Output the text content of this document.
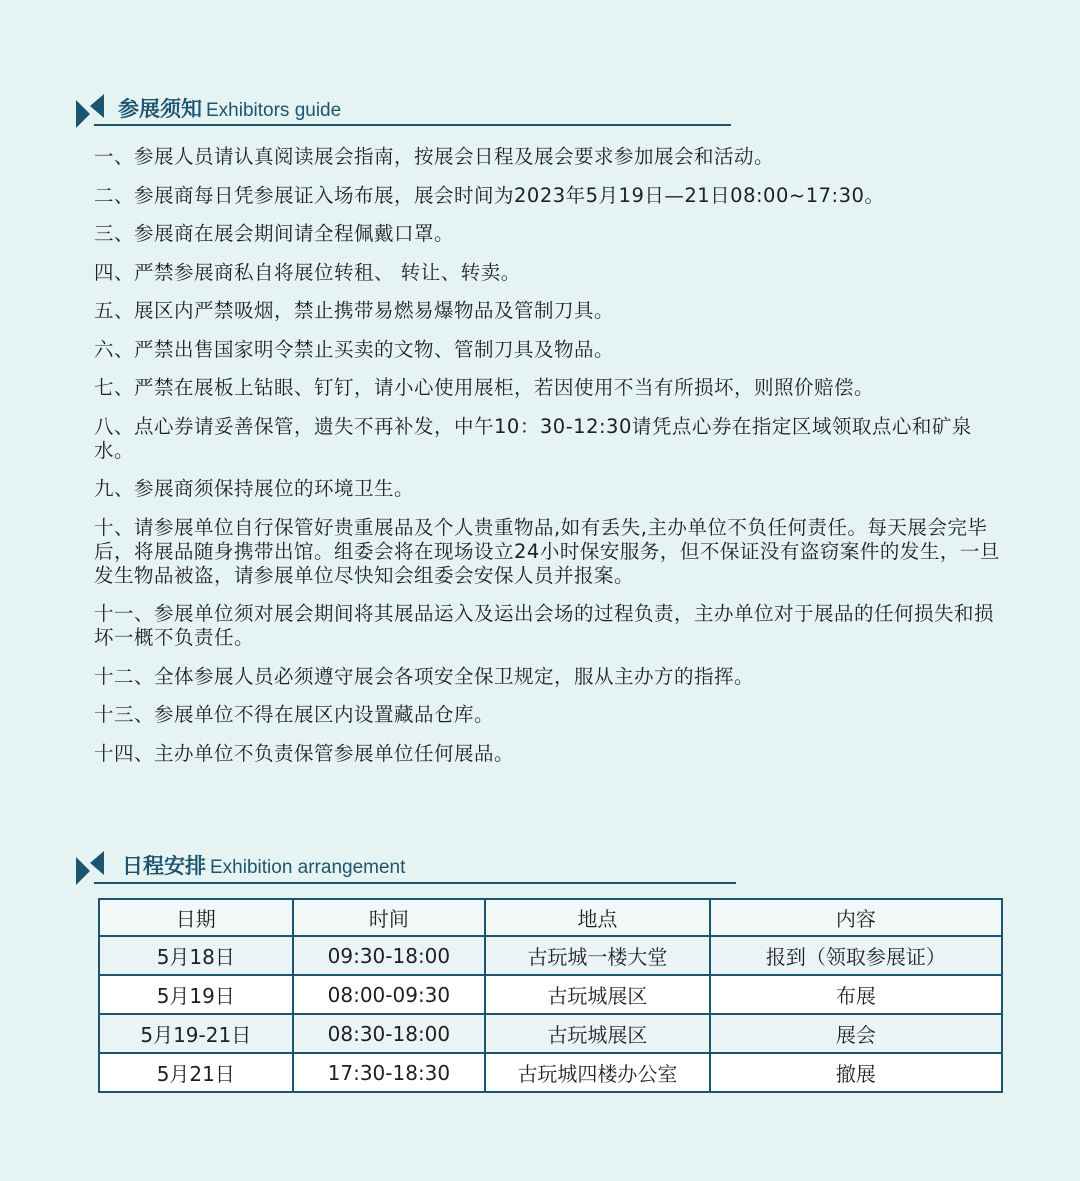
参展须知 Exhibitors guide
一、参展人员请认真阅读展会指南，按展会日程及展会要求参加展会和活动。
二、参展商每日凭参展证入场布展，展会时间为2023年5月19日—21日08:00~17:30。
三、参展商在展会期间请全程佩戴口罩。
四、严禁参展商私自将展位转租、 转让、转卖。
五、展区内严禁吸烟，禁止携带易燃易爆物品及管制刀具。
六、严禁出售国家明令禁止买卖的文物、管制刀具及物品。
七、严禁在展板上钻眼、钉钉，请小心使用展柜，若因使用不当有所损坏，则照价赔偿。
八、点心券请妥善保管，遗失不再补发，中午10：30-12:30请凭点心券在指定区域领取点心和矿泉水。
九、参展商须保持展位的环境卫生。
十、请参展单位自行保管好贵重展品及个人贵重物品,如有丢失,主办单位不负任何责任。每天展会完毕后，将展品随身携带出馆。组委会将在现场设立24小时保安服务，但不保证没有盗窃案件的发生，一旦发生物品被盗，请参展单位尽快知会组委会安保人员并报案。
十一、参展单位须对展会期间将其展品运入及运出会场的过程负责，主办单位对于展品的任何损失和损坏一概不负责任。
十二、全体参展人员必须遵守展会各项安全保卫规定，服从主办方的指挥。
十三、参展单位不得在展区内设置藏品仓库。
十四、主办单位不负责保管参展单位任何展品。
日程安排 Exhibition arrangement
日期	时间	地点	内容
5月18日	09:30-18:00	古玩城一楼大堂	报到（领取参展证）
5月19日	08:00-09:30	古玩城展区	布展
5月19-21日	08:30-18:00	古玩城展区	展会
5月21日	17:30-18:30	古玩城四楼办公室	撤展
